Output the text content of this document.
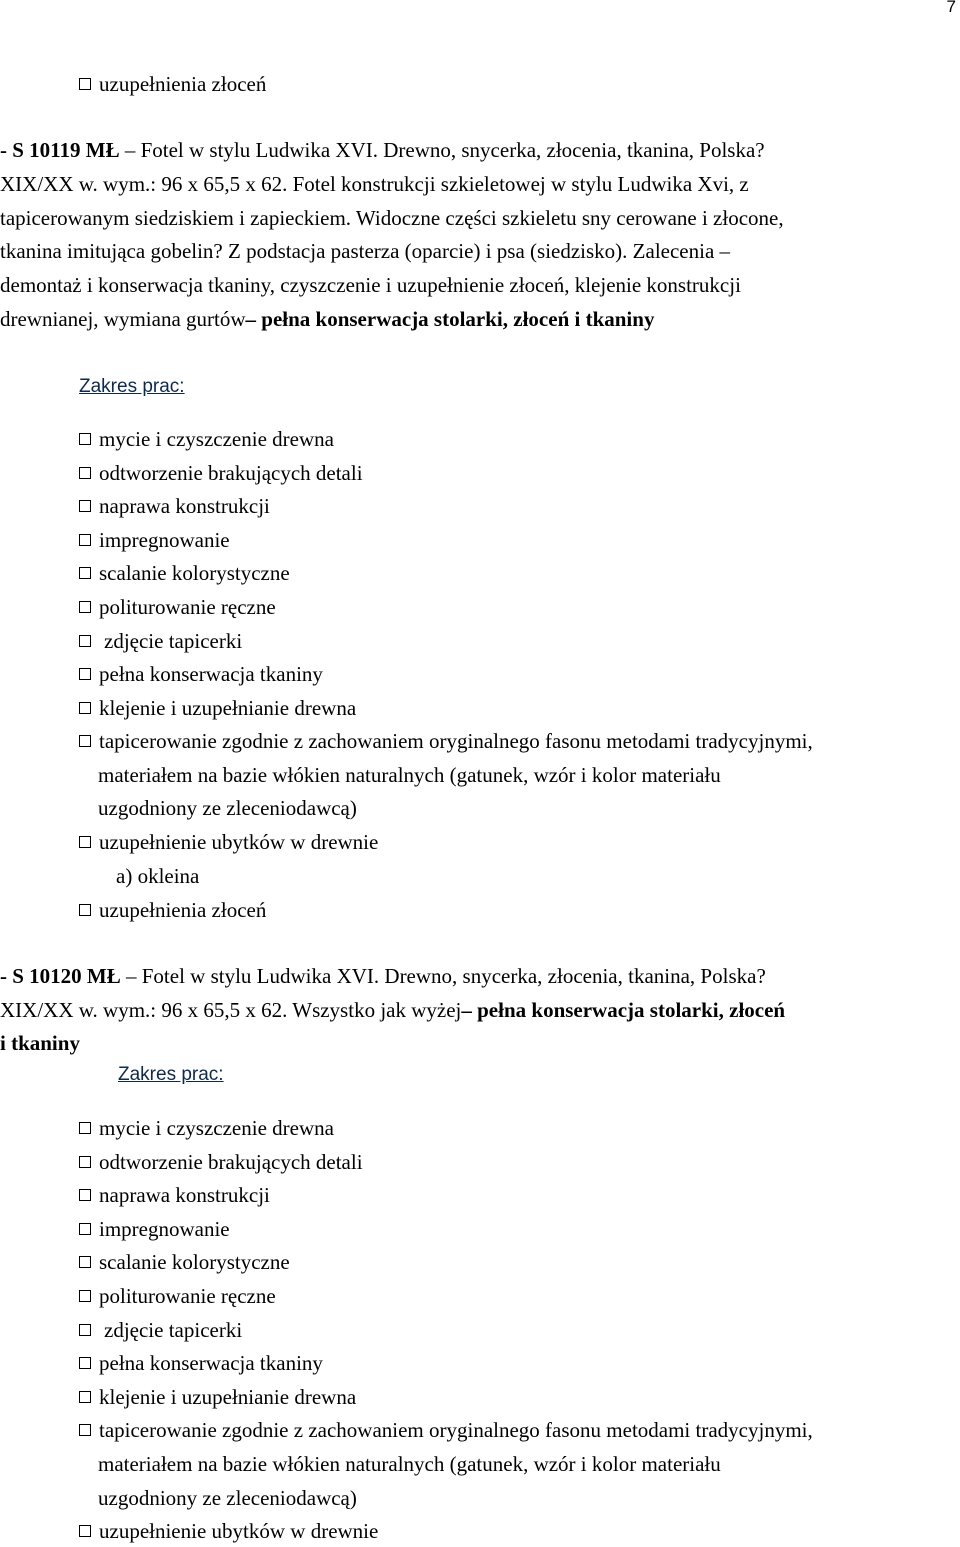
7
uzupełnienia złoceń
- S 10119 MŁ – Fotel w stylu Ludwika XVI. Drewno, snycerka, złocenia, tkanina, Polska?
XIX/XX w. wym.: 96 x 65,5 x 62. Fotel konstrukcji szkieletowej w stylu Ludwika Xvi, z
tapicerowanym siedziskiem i zapieckiem. Widoczne części szkieletu sny cerowane i złocone,
tkanina imitująca gobelin? Z podstacja pasterza (oparcie) i psa (siedzisko). Zalecenia –
demontaż i konserwacja tkaniny, czyszczenie i uzupełnienie złoceń, klejenie konstrukcji
drewnianej, wymiana gurtów– pełna konserwacja stolarki, złoceń i tkaniny
Zakres prac:
mycie i czyszczenie drewna
odtworzenie brakujących detali
naprawa konstrukcji
impregnowanie
scalanie kolorystyczne
politurowanie ręczne
zdjęcie tapicerki
pełna konserwacja tkaniny
klejenie i uzupełnianie drewna
tapicerowanie zgodnie z zachowaniem oryginalnego fasonu metodami tradycyjnymi,
materiałem na bazie włókien naturalnych (gatunek, wzór i kolor materiału
uzgodniony ze zleceniodawcą)
uzupełnienie ubytków w drewnie
a) okleina
uzupełnienia złoceń
- S 10120 MŁ – Fotel w stylu Ludwika XVI. Drewno, snycerka, złocenia, tkanina, Polska?
XIX/XX w. wym.: 96 x 65,5 x 62. Wszystko jak wyżej– pełna konserwacja stolarki, złoceń
i tkaniny
Zakres prac:
mycie i czyszczenie drewna
odtworzenie brakujących detali
naprawa konstrukcji
impregnowanie
scalanie kolorystyczne
politurowanie ręczne
zdjęcie tapicerki
pełna konserwacja tkaniny
klejenie i uzupełnianie drewna
tapicerowanie zgodnie z zachowaniem oryginalnego fasonu metodami tradycyjnymi,
materiałem na bazie włókien naturalnych (gatunek, wzór i kolor materiału
uzgodniony ze zleceniodawcą)
uzupełnienie ubytków w drewnie
